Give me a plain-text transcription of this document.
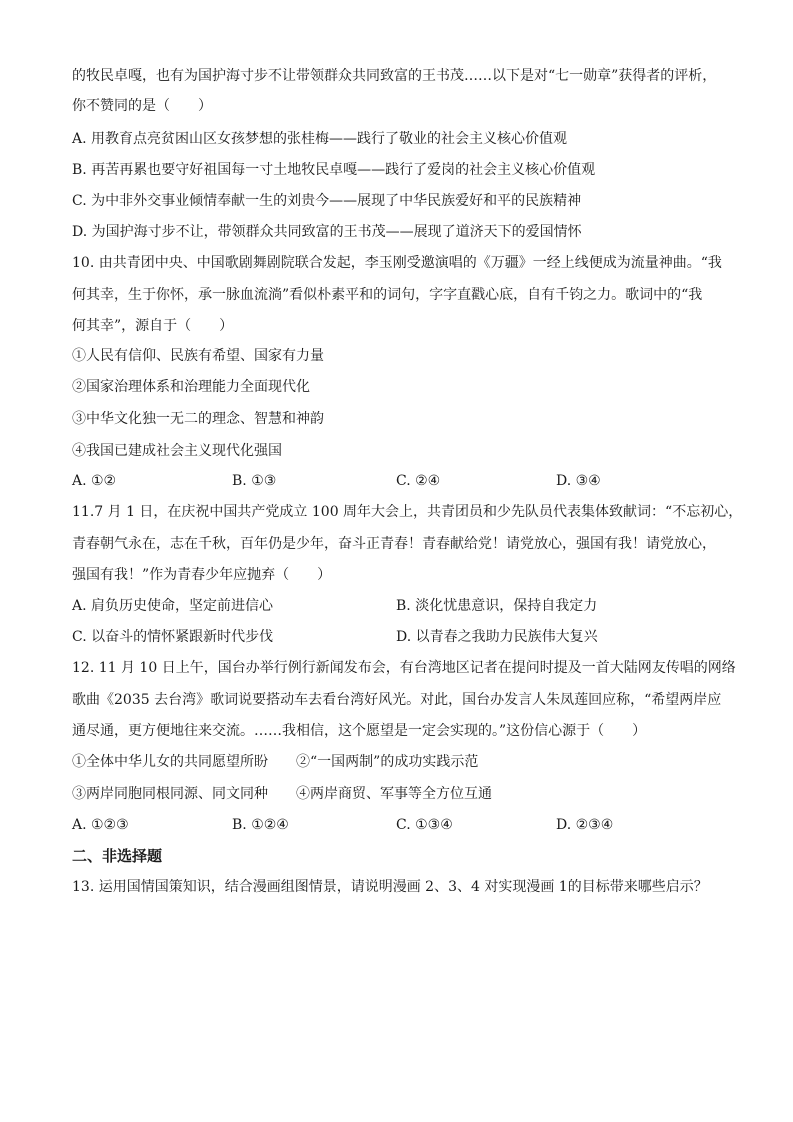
的牧民卓嘎，也有为国护海寸步不让带领群众共同致富的王书茂……以下是对“七一勋章”获得者的评析，
你不赞同的是（　　）
A. 用教育点亮贫困山区女孩梦想的张桂梅——践行了敬业的社会主义核心价值观
B. 再苦再累也要守好祖国每一寸土地牧民卓嘎——践行了爱岗的社会主义核心价值观
C. 为中非外交事业倾情奉献一生的刘贵今——展现了中华民族爱好和平的民族精神
D. 为国护海寸步不让，带领群众共同致富的王书茂——展现了道济天下的爱国情怀
10. 由共青团中央、中国歌剧舞剧院联合发起，李玉刚受邀演唱的《万疆》一经上线便成为流量神曲。“我
何其幸，生于你怀，承一脉血流淌”看似朴素平和的词句，字字直戳心底，自有千钧之力。歌词中的“我
何其幸”，源自于（　　）
①人民有信仰、民族有希望、国家有力量
②国家治理体系和治理能力全面现代化
③中华文化独一无二的理念、智慧和神韵
④我国已建成社会主义现代化强国
A. ①②	B. ①③	C. ②④	D. ③④
11.7 月 1 日，在庆祝中国共产党成立 100 周年大会上，共青团员和少先队员代表集体致献词：“不忘初心，
青春朝气永在，志在千秋，百年仍是少年，奋斗正青春！青春献给党！请党放心，强国有我！请党放心，
强国有我！”作为青春少年应抛弃（　　）
A. 肩负历史使命，坚定前进信心	B. 淡化忧患意识，保持自我定力
C. 以奋斗的情怀紧跟新时代步伐	D. 以青春之我助力民族伟大复兴
12. 11 月 10 日上午，国台办举行例行新闻发布会，有台湾地区记者在提问时提及一首大陆网友传唱的网络
歌曲《2035 去台湾》歌词说要搭动车去看台湾好风光。对此，国台办发言人朱凤莲回应称，“希望两岸应
通尽通，更方便地往来交流。……我相信，这个愿望是一定会实现的。”这份信心源于（　　）
①全体中华儿女的共同愿望所盼 ②“一国两制”的成功实践示范
③两岸同胞同根同源、同文同种 ④两岸商贸、军事等全方位互通
A. ①②③	B. ①②④	C. ①③④	D. ②③④
二、非选择题
13. 运用国情国策知识，结合漫画组图情景，请说明漫画 2、3、4 对实现漫画 1的目标带来哪些启示？
